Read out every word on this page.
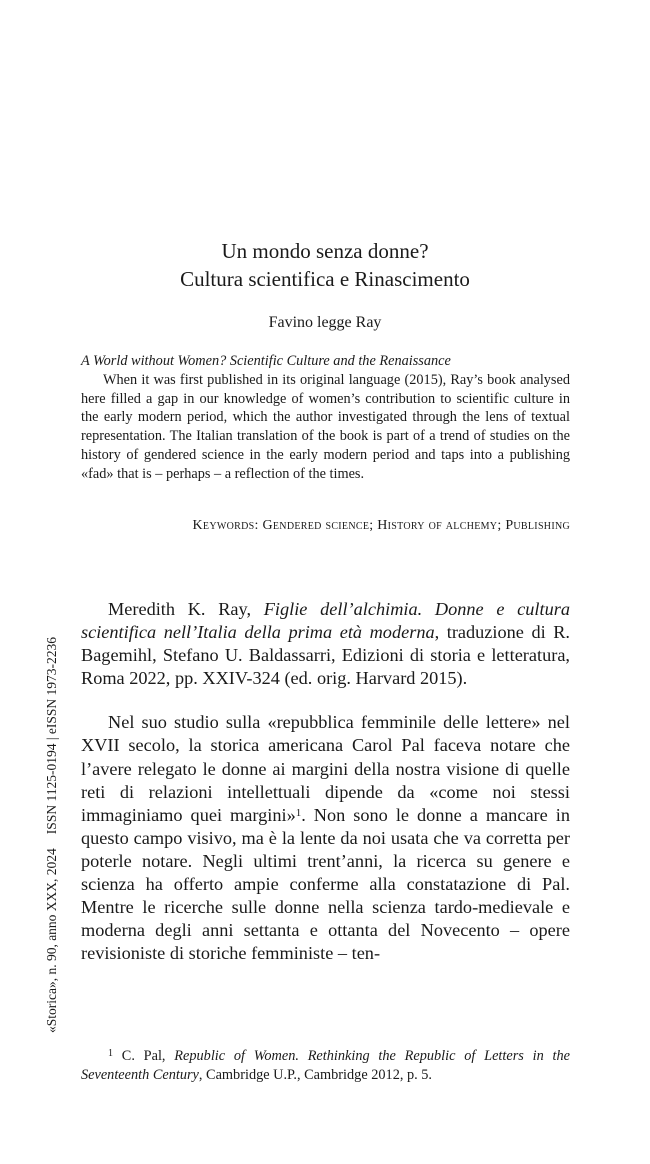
Un mondo senza donne?
Cultura scientifica e Rinascimento
Favino legge Ray
A World without Women? Scientific Culture and the Renaissance

When it was first published in its original language (2015), Ray’s book analysed here filled a gap in our knowledge of women’s contribution to scientific culture in the early modern period, which the author investigated through the lens of textual representation. The Italian translation of the book is part of a trend of studies on the history of gendered science in the early modern period and taps into a publishing «fad» that is – perhaps – a reflection of the times.

Keywords: Gendered science; History of alchemy; Publishing

Meredith K. Ray, Figlie dell’alchimia. Donne e cultura scientifica nell’Italia della prima età moderna, traduzione di R. Bagemihl, Stefano U. Baldassarri, Edizioni di storia e letteratura, Roma 2022, pp. XXIV-324 (ed. orig. Harvard 2015).

Nel suo studio sulla «repubblica femminile delle lettere» nel XVII secolo, la storica americana Carol Pal faceva notare che l’avere relegato le donne ai margini della nostra visione di quelle reti di relazioni intellettuali dipende da «come noi stessi immaginiamo quei margini»$^1$. Non sono le donne a mancare in questo campo visivo, ma è la lente da noi usata che va corretta per poterle notare. Negli ultimi trent’anni, la ricerca su genere e scienza ha offerto ampie conferme alla constatazione di Pal. Mentre le ricerche sulle donne nella scienza tardo-medievale e moderna degli anni settanta e ottanta del Novecento – opere revisioniste di storiche femministe – ten-

$^1$ C. Pal, Republic of Women. Rethinking the Republic of Letters in the Seventeenth Century, Cambridge U.P., Cambridge 2012, p. 5.

«Storica», n. 90, anno XXX, 2024ISSN 1125-0194 | eISSN 1973-2236
